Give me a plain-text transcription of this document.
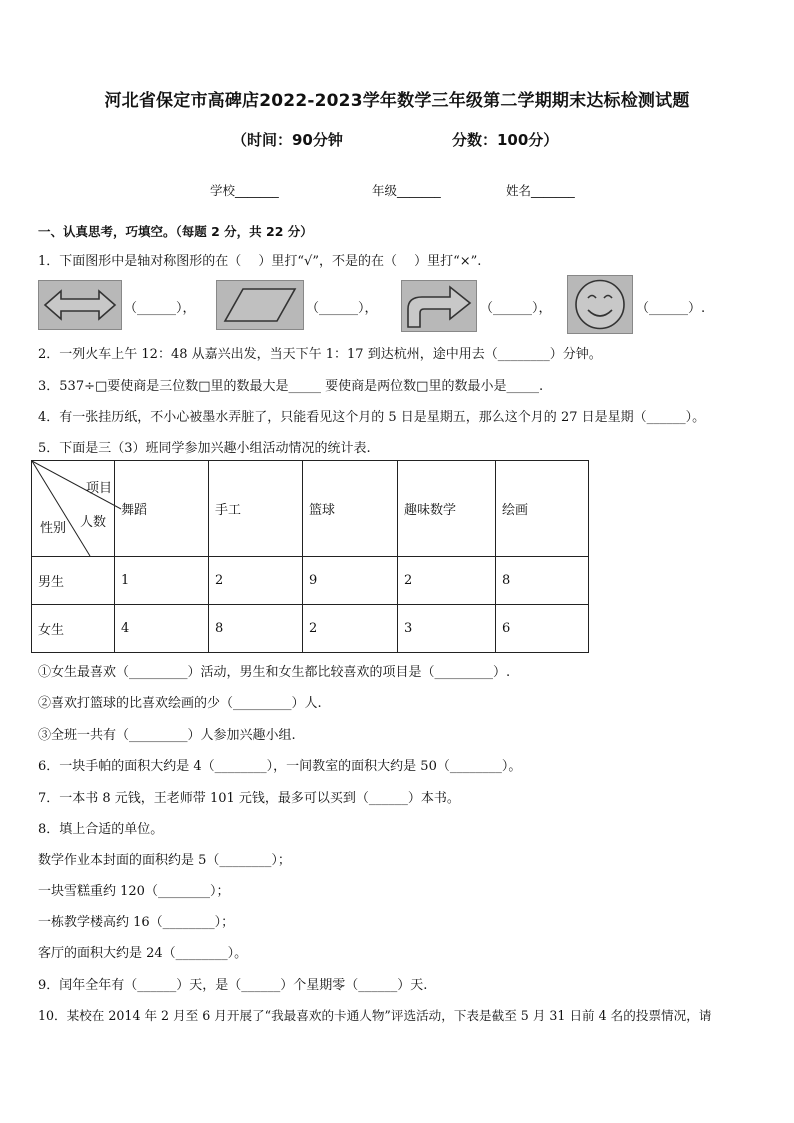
河北省保定市高碑店2022-2023学年数学三年级第二学期期末达标检测试题
（时间：90分钟	分数：100分）
学校_______	年级_______	姓名_______
一、认真思考，巧填空。（每题 2 分，共 22 分）
1．下面图形中是轴对称图形的在（　 ）里打“√”，不是的在（　 ）里打“×”.
（______），	（______），	（______），	（______）.
2．一列火车上午 12：48 从嘉兴出发，当天下午 1：17 到达杭州，途中用去（________）分钟。
3．537÷□要使商是三位数□里的数最大是_____ 要使商是两位数□里的数最小是_____.
4．有一张挂历纸，不小心被墨水弄脏了，只能看见这个月的 5 日是星期五，那么这个月的 27 日是星期（______）。
5．下面是三（3）班同学参加兴趣小组活动情况的统计表.
项目
人数
性别	舞蹈	手工	篮球	趣味数学	绘画
男生	1	2	9	2	8
女生	4	8	2	3	6
①女生最喜欢（_________）活动，男生和女生都比较喜欢的项目是（_________）.
②喜欢打篮球的比喜欢绘画的少（_________）人.
③全班一共有（_________）人参加兴趣小组.
6．一块手帕的面积大约是 4（________），一间教室的面积大约是 50（________）。
7．一本书 8 元钱，王老师带 101 元钱，最多可以买到（______）本书。
8．填上合适的单位。
数学作业本封面的面积约是 5（________）；
一块雪糕重约 120（________）；
一栋教学楼高约 16（________）；
客厅的面积大约是 24（________）。
9．闰年全年有（______）天，是（______）个星期零（______）天.
10．某校在 2014 年 2 月至 6 月开展了“我最喜欢的卡通人物”评选活动，下表是截至 5 月 31 日前 4 名的投票情况，请
